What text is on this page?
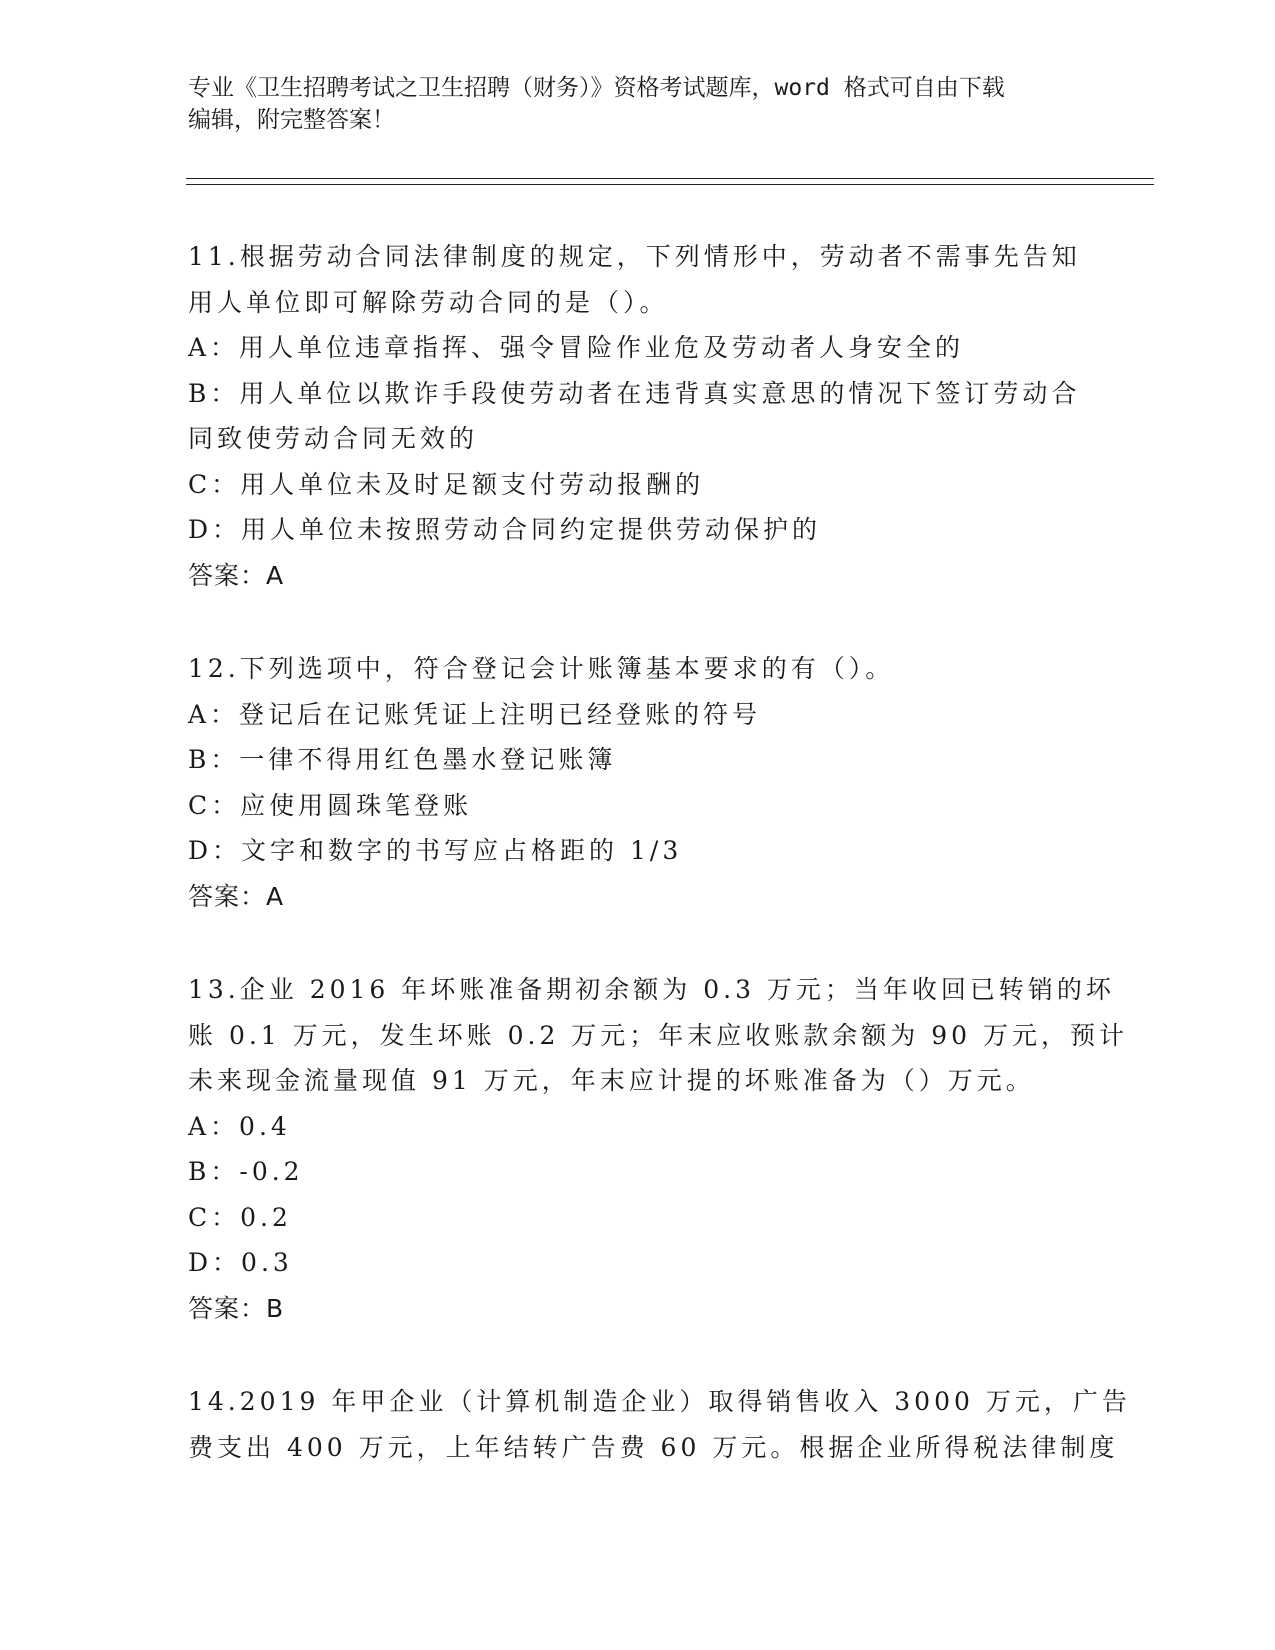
专业《卫生招聘考试之卫生招聘（财务）》资格考试题库，word 格式可自由下载
编辑，附完整答案！
11.根据劳动合同法律制度的规定，下列情形中，劳动者不需事先告知
用人单位即可解除劳动合同的是（）。
A：用人单位违章指挥、强令冒险作业危及劳动者人身安全的
B：用人单位以欺诈手段使劳动者在违背真实意思的情况下签订劳动合
同致使劳动合同无效的
C：用人单位未及时足额支付劳动报酬的
D：用人单位未按照劳动合同约定提供劳动保护的
答案：A
12.下列选项中，符合登记会计账簿基本要求的有（）。
A：登记后在记账凭证上注明已经登账的符号
B：一律不得用红色墨水登记账簿
C：应使用圆珠笔登账
D：文字和数字的书写应占格距的 1/3
答案：A
13.企业 2016 年坏账准备期初余额为 0.3 万元；当年收回已转销的坏
账 0.1 万元，发生坏账 0.2 万元；年末应收账款余额为 90 万元，预计
未来现金流量现值 91 万元，年末应计提的坏账准备为（）万元。
A：0.4
B：-0.2
C：0.2
D：0.3
答案：B
14.2019 年甲企业（计算机制造企业）取得销售收入 3000 万元，广告
费支出 400 万元，上年结转广告费 60 万元。根据企业所得税法律制度
